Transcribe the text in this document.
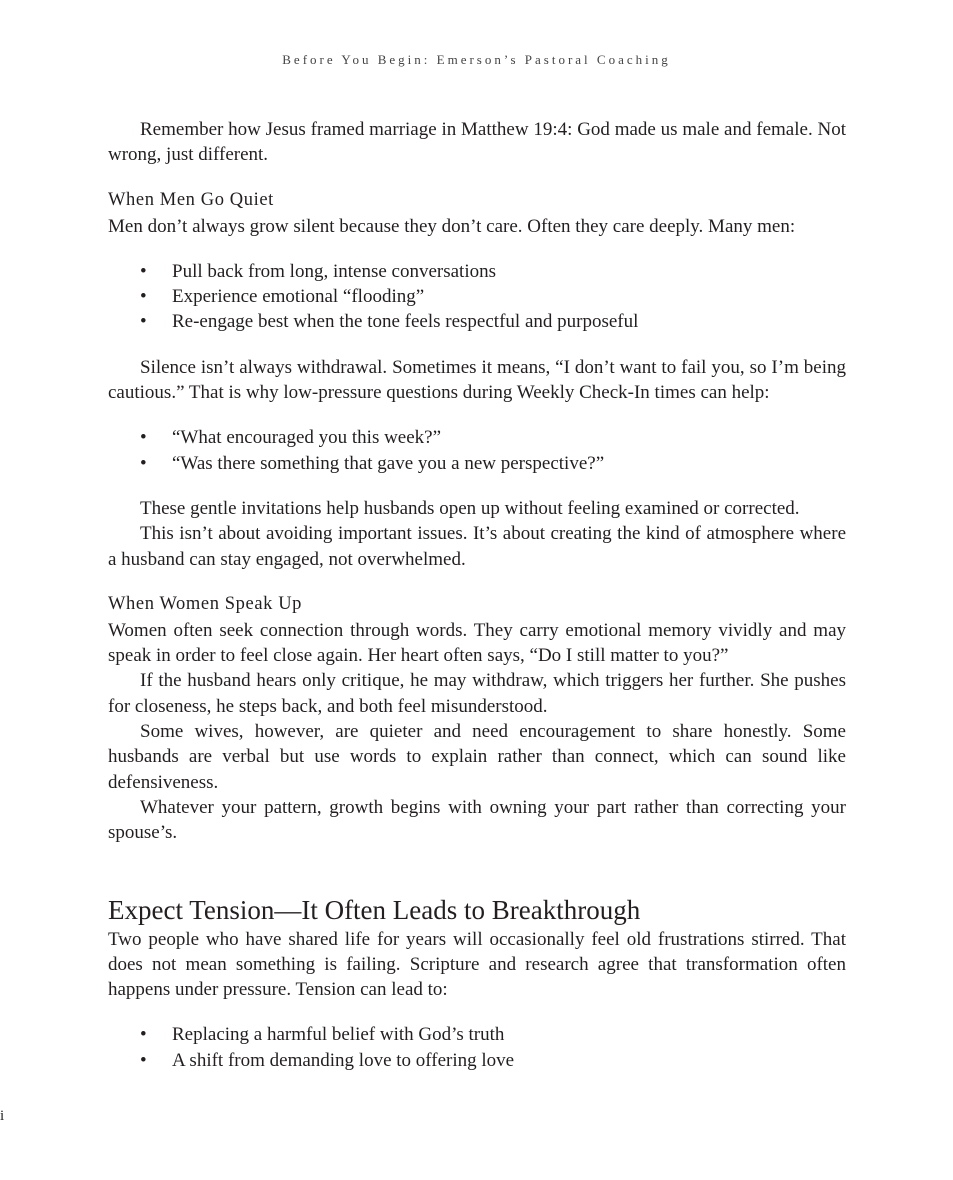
Before You Begin: Emerson’s Pastoral Coaching

Remember how Jesus framed marriage in Matthew 19:4: God made us male and female. Not wrong, just different.

When Men Go Quiet

Men don’t always grow silent because they don’t care. Often they care deeply. Many men:

• Pull back from long, intense conversations
• Experience emotional “flooding”
• Re-engage best when the tone feels respectful and purposeful

Silence isn’t always withdrawal. Sometimes it means, “I don’t want to fail you, so I’m being cautious.” That is why low-pressure questions during Weekly Check-In times can help:

• “What encouraged you this week?”
• “Was there something that gave you a new perspective?”

These gentle invitations help husbands open up without feeling examined or corrected.

This isn’t about avoiding important issues. It’s about creating the kind of atmosphere where a husband can stay engaged, not overwhelmed.

When Women Speak Up

Women often seek connection through words. They carry emotional memory vividly and may speak in order to feel close again. Her heart often says, “Do I still matter to you?”

If the husband hears only critique, he may withdraw, which triggers her further. She pushes for closeness, he steps back, and both feel misunderstood.

Some wives, however, are quieter and need encouragement to share honestly. Some husbands are verbal but use words to explain rather than connect, which can sound like defensiveness.

Whatever your pattern, growth begins with owning your part rather than correcting your spouse’s.

Expect Tension—It Often Leads to Breakthrough

Two people who have shared life for years will occasionally feel old frustrations stirred. That does not mean something is failing. Scripture and research agree that transformation often happens under pressure. Tension can lead to:

• Replacing a harmful belief with God’s truth
• A shift from demanding love to offering love
i
